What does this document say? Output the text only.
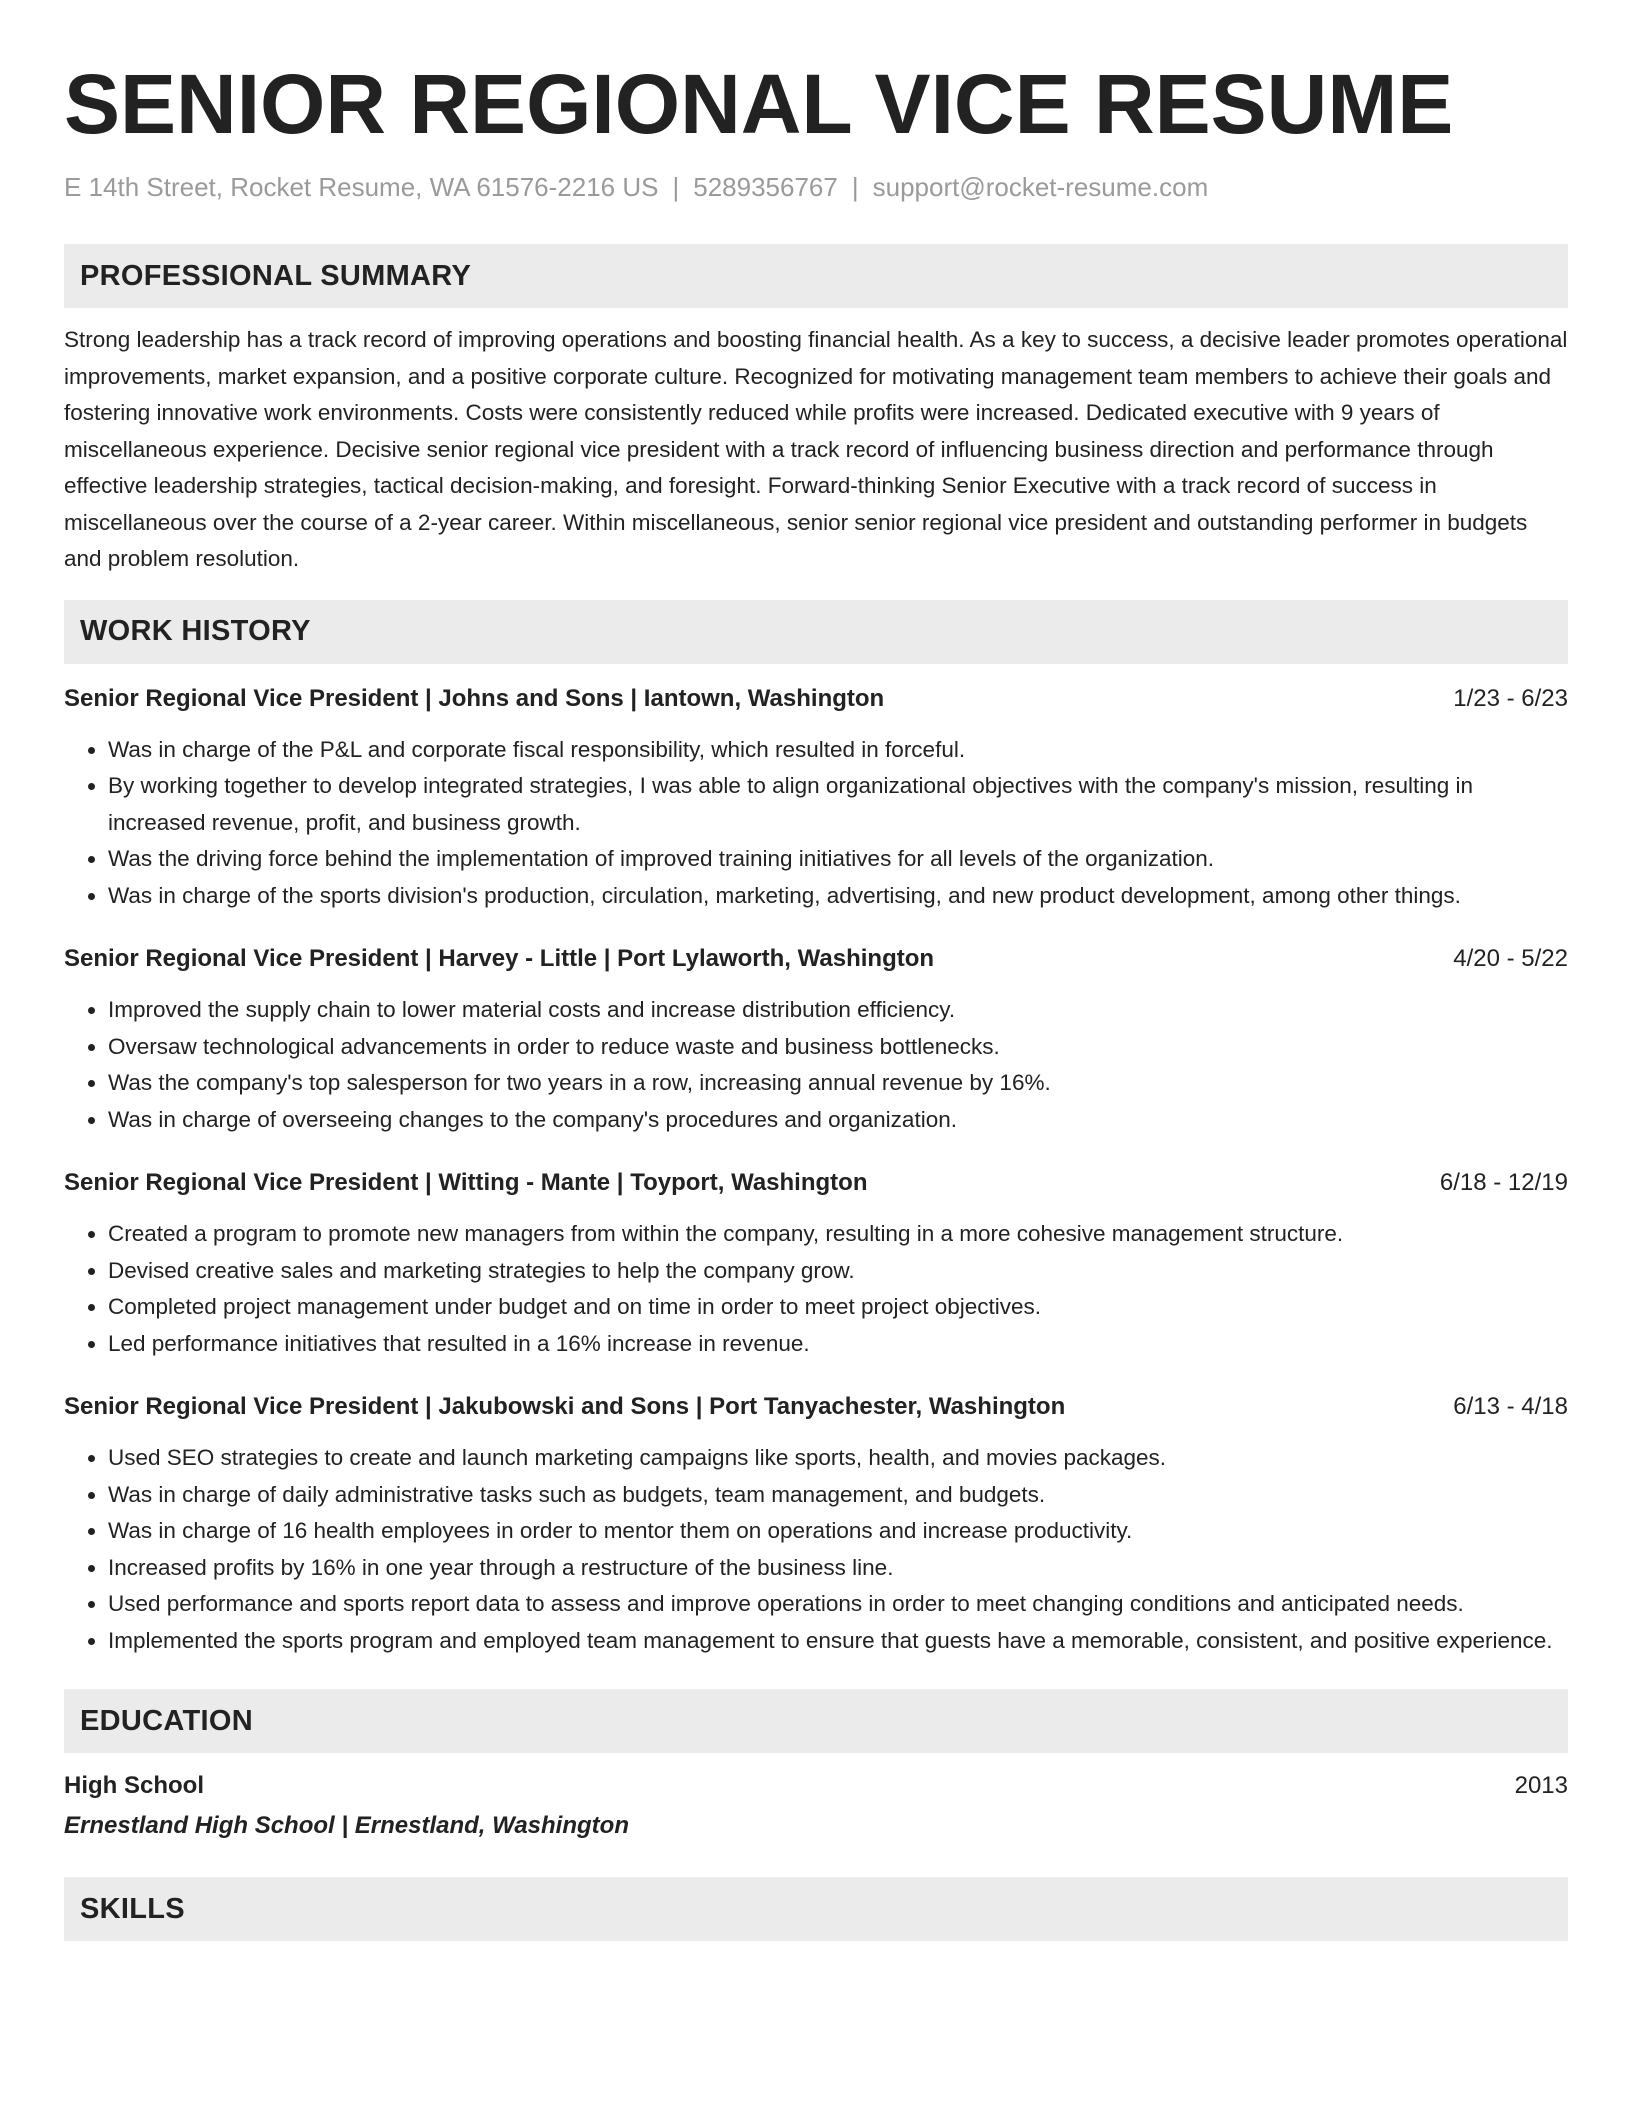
SENIOR REGIONAL VICE RESUME
E 14th Street, Rocket Resume, WA 61576-2216 US | 5289356767 | support@rocket-resume.com
PROFESSIONAL SUMMARY
Strong leadership has a track record of improving operations and boosting financial health. As a key to success, a decisive leader promotes operational improvements, market expansion, and a positive corporate culture. Recognized for motivating management team members to achieve their goals and fostering innovative work environments. Costs were consistently reduced while profits were increased. Dedicated executive with 9 years of miscellaneous experience. Decisive senior regional vice president with a track record of influencing business direction and performance through effective leadership strategies, tactical decision-making, and foresight. Forward-thinking Senior Executive with a track record of success in miscellaneous over the course of a 2-year career. Within miscellaneous, senior senior regional vice president and outstanding performer in budgets and problem resolution.
WORK HISTORY
Senior Regional Vice President | Johns and Sons | Iantown, Washington	1/23 - 6/23
• Was in charge of the P&L and corporate fiscal responsibility, which resulted in forceful.
• By working together to develop integrated strategies, I was able to align organizational objectives with the company's mission, resulting in increased revenue, profit, and business growth.
• Was the driving force behind the implementation of improved training initiatives for all levels of the organization.
• Was in charge of the sports division's production, circulation, marketing, advertising, and new product development, among other things.
Senior Regional Vice President | Harvey - Little | Port Lylaworth, Washington	4/20 - 5/22
• Improved the supply chain to lower material costs and increase distribution efficiency.
• Oversaw technological advancements in order to reduce waste and business bottlenecks.
• Was the company's top salesperson for two years in a row, increasing annual revenue by 16%.
• Was in charge of overseeing changes to the company's procedures and organization.
Senior Regional Vice President | Witting - Mante | Toyport, Washington	6/18 - 12/19
• Created a program to promote new managers from within the company, resulting in a more cohesive management structure.
• Devised creative sales and marketing strategies to help the company grow.
• Completed project management under budget and on time in order to meet project objectives.
• Led performance initiatives that resulted in a 16% increase in revenue.
Senior Regional Vice President | Jakubowski and Sons | Port Tanyachester, Washington	6/13 - 4/18
• Used SEO strategies to create and launch marketing campaigns like sports, health, and movies packages.
• Was in charge of daily administrative tasks such as budgets, team management, and budgets.
• Was in charge of 16 health employees in order to mentor them on operations and increase productivity.
• Increased profits by 16% in one year through a restructure of the business line.
• Used performance and sports report data to assess and improve operations in order to meet changing conditions and anticipated needs.
• Implemented the sports program and employed team management to ensure that guests have a memorable, consistent, and positive experience.
EDUCATION
High School	2013
Ernestland High School | Ernestland, Washington
SKILLS
